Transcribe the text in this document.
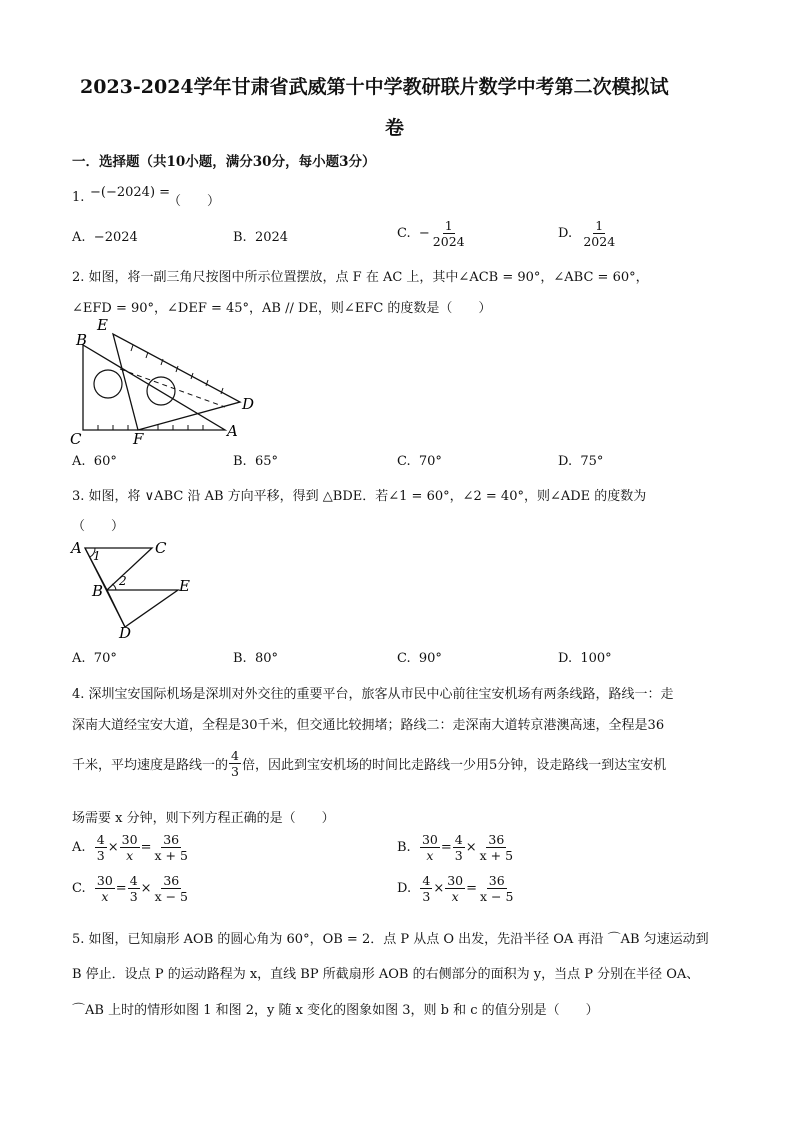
2023-2024学年甘肃省武威第十中学教研联片数学中考第二次模拟试
卷
一．选择题（共10小题，满分30分，每小题3分）
1. −(−2024) =
（　　）
A. −2024	B. 2024	C.
− $\frac{1}{2024}$	D.
$\frac{1}{2024}$
2. 如图，将一副三角尺按图中所示位置摆放，点 F 在 AC 上，其中∠ACB = 90°，∠ABC = 60°，
∠EFD = 90°，∠DEF = 45°，AB // DE，则∠EFC 的度数是（　　）
E
B
D
C	F	A
A. 60°	B. 65°	C. 70°	D. 75°
3. 如图，将 ∨ABC 沿 AB 方向平移，得到 △BDE．若∠1 = 60°，∠2 = 40°，则∠ADE 的度数为
（　　）
A	C
1
2
B	E
D
A. 70°	B. 80°	C. 90°	D. 100°
4. 深圳宝安国际机场是深圳对外交往的重要平台，旅客从市民中心前往宝安机场有两条线路，路线一：走
深南大道经宝安大道，全程是30千米，但交通比较拥堵；路线二：走深南大道转京港澳高速，全程是36
千米，平均速度是路线一的 $\frac{4}{3}$ 倍，因此到宝安机场的时间比走路线一少用5分钟，设走路线一到达宝安机
场需要 x 分钟，则下列方程正确的是（　　）
A.
$\frac{4}{3} \times \frac{30}{x} = \frac{36}{x + 5}$	B.
$\frac{30}{x} = \frac{4}{3} \times \frac{36}{x + 5}$
C.
$\frac{30}{x} = \frac{4}{3} \times \frac{36}{x - 5}$	D.
$\frac{4}{3} \times \frac{30}{x} = \frac{36}{x - 5}$
5. 如图，已知扇形 AOB 的圆心角为 60°，OB = 2．点 P 从点 O 出发，先沿半径 OA 再沿 ⌒AB 匀速运动到
B 停止．设点 P 的运动路程为 x，直线 BP 所截扇形 AOB 的右侧部分的面积为 y，当点 P 分别在半径 OA、
⌒AB 上时的情形如图 1 和图 2，y 随 x 变化的图象如图 3，则 b 和 c 的值分别是（　　）
